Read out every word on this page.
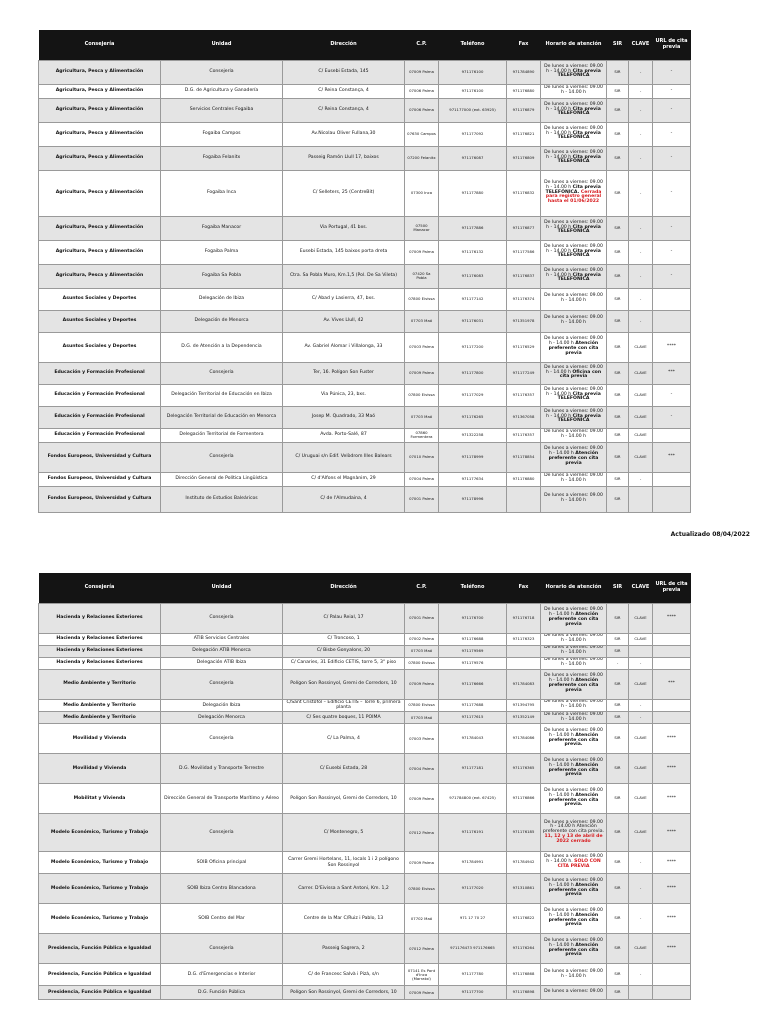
Consejería	Unidad	Dirección	C.P.	Teléfono	Fax	Horario de atención	SIR	CLAVE	URL de cita previa
Agricultura, Pesca y Alimentación	Consejería	C/ Eusebi Estada, 145	07009 Palma	971176100	971784890	De lunes a viernes: 09.00 h - 14.00 h Cita previa TELEFÓNICA	SIR	-	-
Agricultura, Pesca y Alimentación	D.G. de Agricultura y Ganadería	C/ Reina Constança, 4	07006 Palma	971176100	971176880	De lunes a viernes: 09.00 h - 14.00 h	SIR	-	-
Agricultura, Pesca y Alimentación	Servicios Centrales Fogaiba	C/ Reina Constança, 4	07006 Palma	971177000 (ext. 63925)	971176879	De lunes a viernes: 09.00 h - 14.00 h Cita previa TELEFÓNICA	SIR	-	-
Agricultura, Pesca y Alimentación	Fogaiba Campos	Av.Nicolau Oliver Fullana,30	07630 Campos	971177092	971176821	De lunes a viernes: 09.00 h - 14.00 h Cita previa TELEFÓNICA	SIR	-	-
Agricultura, Pesca y Alimentación	Fogaiba Felanitx	Passeig Ramón Llull 17, baixos	07200 Felanitx	971176087	971176809	De lunes a viernes: 09.00 h - 14.00 h Cita previa TELEFÓNICA	SIR	-	-
Agricultura, Pesca y Alimentación	Fogaiba Inca	C/ Selleters, 25 (CentreBit)	07300 Inca	971177880	971176832	De lunes a viernes: 09.00 h - 14.00 h Cita previa TELEFÓNICA. Cerrada para registro general hasta el 01/06/2022	SIR	-	-
Agricultura, Pesca y Alimentación	Fogaiba Manacor	Via Portugal, 41 bxs.	07500 Manacor	971177886	971176877	De lunes a viernes: 09.00 h - 14.00 h Cita previa TELEFÓNICA	SIR	-	-
Agricultura, Pesca y Alimentación	Fogaiba Palma	Eusebi Estada, 145 baixos porta dreta	07009 Palma	971176132	971177586	De lunes a viernes: 09.00 h - 14.00 h Cita previa TELEFÓNICA	SIR	-	-
Agricultura, Pesca y Alimentación	Fogaiba Sa Pobla	Ctra. Sa Pobla Muro, Km.1,5 (Pol. De Sa Vileta)	07420 Sa Pobla	971176083	971176837	De lunes a viernes: 09.00 h - 14.00 h Cita previa TELEFÓNICA	SIR	-	-
Asuntos Sociales y Deportes	Delegación de Ibiza	C/ Abad y Lasierra, 47, bxs.	07800 Eivissa	971177142	971176374	De lunes a viernes: 09.00 h - 14.00 h	SIR	-	
Asuntos Sociales y Deportes	Delegación de Menorca	Av. Vives Llull, 42	07703 Maó	971176031	971351978	De lunes a viernes: 09.00 h - 14.00 h	SIR	-	
Asuntos Sociales y Deportes	D.G. de Atención a la Dependencia	Av. Gabriel Alomar i Villalonga, 33	07003 Palma	971177200	971176529	De lunes a viernes: 09.00 h - 14.00 h Atención preferente con cita previa	SIR	CLAVE	****
Educación y Formación Profesional	Consejería	Ter, 16. Polígon Son Fuster	07009 Palma	971177800	971177249	De lunes a viernes: 09.00 h - 14.00 h Oficina con cita previa	SIR	CLAVE	***
Educación y Formación Profesional	Delegación Territorial de Educación en Ibiza	Via Púnica, 23, bxs.	07800 Eivissa	971177029	971176357	De lunes a viernes: 09.00 h - 14.00 h Cita previa TELEFÓNICA	SIR	CLAVE	-
Educación y Formación Profesional	Delegación Territorial de Educación en Menorca	Josep M. Quadrado, 33 Maó	07703 Maó	971176265	971367058	De lunes a viernes: 09.00 h - 14.00 h Cita previa TELEFÓNICA	SIR	CLAVE	-
Educación y Formación Profesional	Delegación Territorial de Formentera	Avda. Porto-Salé, 87	07860 Formentera	971322258	971176357	De lunes a viernes: 09.00 h - 14.00 h	SIR	CLAVE	
Fondos Europeos, Universidad y Cultura	Consejería	C/ Uruguai s/n Edif. Velòdrom Illes Balears	07010 Palma	971178999	971178854	De lunes a viernes: 09.00 h - 14.00 h Atención preferente con cita previa	SIR	CLAVE	***
Fondos Europeos, Universidad y Cultura	Dirección General de Política Lingüística	C/ d'Alfons el Magnànim, 29	07004 Palma	971177634	971176880	De lunes a viernes: 09.00 h - 14.00 h	SIR	-	
Fondos Europeos, Universidad y Cultura	Instituto de Estudios Baleáricos	C/ de l'Almudaina, 4	07001 Palma	971178996		De lunes a viernes: 09.00 h - 14.00 h	SIR		
Actualizado 08/04/2022
Consejería	Unidad	Dirección	C.P.	Teléfono	Fax	Horario de atención	SIR	CLAVE	URL de cita previa
Hacienda y Relaciones Exteriores	Consejería	C/ Palau Reial, 17	07001 Palma	971176700	971176718	De lunes a viernes: 09.00 h - 14.00 h Atención preferente con cita previa	SIR	CLAVE	****
Hacienda y Relaciones Exteriores	ATIB Servicios Centrales	C/ Troncoso, 1	07002 Palma	971176688	971176323	De lunes a viernes: 09.00 h - 14.00 h	SIR	CLAVE	
Hacienda y Relaciones Exteriores	Delegación ATIB Menorca	C/ Bisbe Gonyalons, 20	07703 Maó	971179569		De lunes a viernes: 09.00 h - 14.00 h	SIR		
Hacienda y Relaciones Exteriores	Delegación ATIB Ibiza	C/ Canaries, 31 Edificio CETIS, torre 5, 3° piso	07800 Eivissa	971179576		De lunes a viernes: 09.00 h - 14.00 h	-	-	
Medio Ambiente y Territorio	Consejería	Polígon Son Rossinyol, Gremi de Corredors, 10	07009 Palma	971176666	971784083	De lunes a viernes: 09.00 h - 14.00 h Atención preferente con cita previa	SIR	CLAVE	***
Medio Ambiente y Territorio	Delegación Ibiza	C/Sant Cristòfol – Edificio CETIS – Torre 6, primera planta	07800 Eivissa	971177688	971394795	De lunes a viernes: 09.00 h - 14.00 h	SIR	-	
Medio Ambiente y Territorio	Delegación Menorca	C/ Ses quatre boques, 11 POIMA	07703 Maó	971177615	971352149	De lunes a viernes: 09.00 h - 14.00 h	SIR	-	
Movilidad y Vivienda	Consejería	C/ La Palma, 4	07003 Palma	971784043	971784086	De lunes a viernes: 09.00 h - 14.00 h Atención preferente con cita previa.	SIR	CLAVE	****
Movilidad y Vivienda	D.G. Movilidad y Transporte Terrestre	C/ Eusebi Estada, 28	07004 Palma	971177181	971176365	De lunes a viernes: 09.00 h - 14.00 h Atención preferente con cita previa	SIR	CLAVE	****
Mobilitat y Vivienda	Dirección General de Transporte Marítimo y Aéreo	Polígon Son Rossinyol, Gremi de Corredors, 10	07009 Palma	971784800 (ext. 67425)	971176866	De lunes a viernes: 09.00 h - 14.00 h Atención preferente con cita previa.	SIR	CLAVE	****
Modelo Económico, Turismo y Trabajo	Consejería	C/ Montenegro, 5	07012 Palma	971176191	971176185	De lunes a viernes: 09.00 h - 14.00 h Atención preferente con cita previa. 11, 12 y 13 de abril de 2022 cerrado	SIR	CLAVE	****
Modelo Económico, Turismo y Trabajo	SOIB Oficina principal	Carrer Gremi Hortelans, 11, locals 1 i 2 polígono Son Rossinyol	07009 Palma	971784991	971784942	De lunes a viernes: 09.00 h - 14.00 h. SOLO CON CITA PREVIA	SIR	-	****
Modelo Económico, Turismo y Trabajo	SOIB Ibiza Centro Blancadona	Carrer. D'Eivissa a Sant Antoni, Km. 1,2	07800 Eivissa	971177020	971310861	De lunes a viernes: 09.00 h - 14.00 h Atención preferente con cita previa	SIR	-	****
Modelo Económico, Turismo y Trabajo	SOIB Centro del Mar	Centre de la Mar C/Ruiz i Pablo, 13	07702 Maó	971 17 70 27	971176822	De lunes a viernes: 09.00 h - 14.00 h Atención preferente con cita previa	SIR	-	****
Presidencia, Función Pública e Igualdad	Consejería	Passeig Sagrera, 2	07012 Palma	971176473 971176665	971176264	De lunes a viernes: 09.00 h - 14.00 h Atención preferente con cita previa	SIR	CLAVE	****
Presidencia, Función Pública e Igualdad	D.G. d'Emergencias e Interior	C/ de Francesc Salvà i Pizà, s/n	07141 Es Pont d'Inca (Marratxí)	971177780	971176868	De lunes a viernes: 09.00 h - 14.00 h	SIR	-	
Presidencia, Función Pública e Igualdad	D.G. Función Pública	Polígon Son Rossinyol, Gremi de Corredors, 10	07009 Palma	971177700	971176898	De lunes a viernes: 09.00	SIR		
